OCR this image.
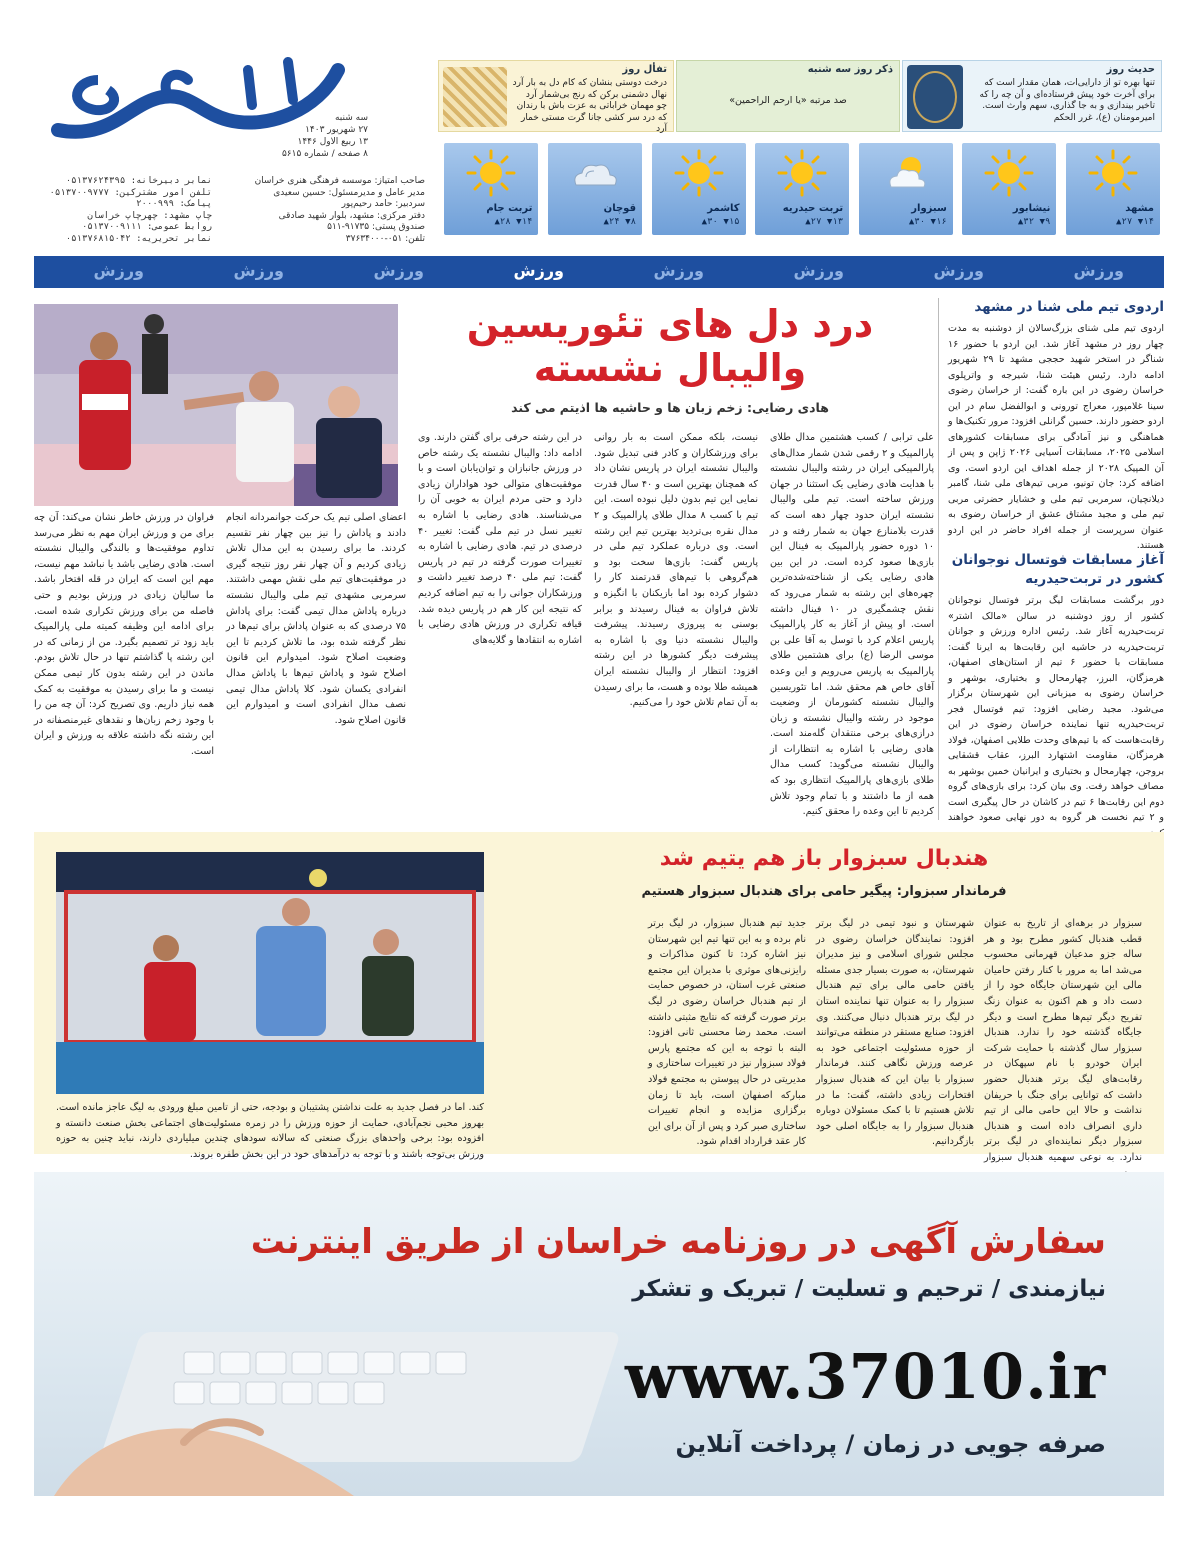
سه شنبه
۲۷ شهریور ۱۴۰۳
۱۳ ربیع الاول ۱۴۴۶
۸ صفحه / شماره ۵۶۱۵
صاحب امتیاز: موسسه فرهنگی هنری خراسان
مدیر عامل و مدیرمسئول: حسین سعیدی
سردبیر: حامد رحیم‌پور
دفتر مرکزی: مشهد، بلوار شهید صادقی
صندوق پستی: ۹۱۷۳۵-۵۱۱
تلفن: ۰۵۱-۳۷۶۳۴۰۰۰
نمابر دبیرخانه: ۰۵۱۳۷۶۲۴۳۹۵
تلفن امور مشترکین: ۰۵۱۳۷۰۰۹۷۷۷
پیامک: ۲۰۰۰۹۹۹
چاپ مشهد: چهرچاپ خراسان
روابط عمومی: ۰۵۱۳۷۰۰۹۱۱۱
نمابر تحریریه: ۰۵۱۳۷۶۸۱۵۰۴۲
حدیث روز
تنها بهره تو از دارایی‌ات، همان مقدار است که برای آخرت خود پیش فرستاده‌ای و آن چه را که تاخیر بیندازی و به جا گذاری، سهم وارث است. امیرمومنان (ع)، غرر الحکم
ذکر روز سه شنبه
صد مرتبه «یا ارحم الراحمین»
تفأل روز
درخت دوستی بنشان که کام دل به بار آرد
نهال دشمنی برکن که رنج بی‌شمار آرد
چو مهمان خراباتی به عزت باش با رندان
که درد سر کشی جانا گرت مستی خمار آرد
مشهد
۱۴▼ ۲۷▲
نیشابور
۹▼ ۳۲▲
سبزوار
۱۶▼ ۳۰▲
تربت حیدریه
۱۳▼ ۲۷▲
کاشمر
۱۵▼ ۳۰▲
قوچان
۸▼ ۲۴▲
تربت جام
۱۴▼ ۲۸▲
ورزش
ورزش
ورزش
ورزش
ورزش
ورزش
ورزش
ورزش
اردوی تیم ملی شنا در مشهد
اردوی تیم ملی شنای بزرگ‌سالان از دوشنبه به مدت چهار روز در مشهد آغاز شد. این اردو با حضور ۱۶ شناگر در استخر شهید حججی مشهد تا ۲۹ شهریور ادامه دارد. رئیس هیئت شنا، شیرجه و واترپلوی خراسان رضوی در این باره گفت: از خراسان رضوی سینا غلامپور، معراج تورونی و ابوالفضل سام در این اردو حضور دارند. حسین گرانلی افزود: مرور تکنیک‌ها و هماهنگی و نیز آمادگی برای مسابقات کشورهای اسلامی ۲۰۲۵، مسابقات آسیایی ۲۰۲۶ ژاپن و پس از آن المپیک ۲۰۲۸ از جمله اهداف این اردو است. وی اضافه کرد: جان تونیو، مربی تیم‌های ملی شنا، گامبر دیلانچیان، سرمربی تیم ملی و خشایار حضرتی مربی تیم ملی و مجید مشتاق عشق از خراسان رضوی به عنوان سرپرست از جمله افراد حاضر در این اردو هستند.
آغاز مسابقات فوتسال نوجوانان کشور در تربت‌حیدریه
دور برگشت مسابقات لیگ برتر فوتسال نوجوانان کشور از روز دوشنبه در سالن «مالک اشتر» تربت‌حیدریه آغاز شد. رئیس اداره ورزش و جوانان تربت‌حیدریه در حاشیه این رقابت‌ها به ایرنا گفت: مسابقات با حضور ۶ تیم از استان‌های اصفهان، هرمزگان، البرز، چهارمحال و بختیاری، بوشهر و خراسان رضوی به میزبانی این شهرستان برگزار می‌شود. مجید رضایی افزود: تیم فوتسال فجر تربت‌حیدریه تنها نماینده خراسان رضوی در این رقابت‌هاست که با تیم‌های وحدت طلایی اصفهان، فولاد هرمزگان، مقاومت اشتهارد البرز، عقاب قشقایی بروجن، چهارمحال و بختیاری و ایرانیان خمین بوشهر به مصاف خواهد رفت. وی بیان کرد: برای بازی‌های گروه دوم این رقابت‌ها ۶ تیم در کاشان در حال پیگیری است و ۲ تیم نخست هر گروه به دور نهایی صعود خواهند
درد دل های تئوریسین
والیبال نشسته
هادی رضایی: زخم زبان ها و حاشیه ها اذیتم می کند
علی ترابی / کسب هشتمین مدال طلای پارالمپیک و ۲ رقمی شدن شمار مدال‌های پارالمپیکی ایران در رشته والیبال نشسته با هدایت هادی رضایی یک استثنا در جهان ورزش ساخته است. تیم ملی والیبال نشسته ایران حدود چهار دهه است که قدرت بلامنازع جهان به شمار رفته و در ۱۰ دوره حضور پارالمپیک به فینال این بازی‌ها صعود کرده است. در این بین هادی رضایی یکی از شناخته‌شده‌ترین چهره‌های این رشته به شمار می‌رود که نقش چشمگیری در ۱۰ فینال داشته است. او پیش از آغاز به کار پارالمپیک پاریس اعلام کرد با توسل به آقا علی بن موسی الرضا (ع) برای هشتمین طلای پارالمپیک به پاریس می‌رویم و این وعده آقای خاص هم محقق شد. اما تئوریسین والیبال نشسته کشورمان از وضعیت موجود در رشته والیبال نشسته و زبان درازی‌های برخی منتقدان گله‌مند است. هادی رضایی با اشاره به انتظارات از والیبال نشسته می‌گوید: کسب مدال طلای بازی‌های پارالمپیک انتظاری بود که همه از ما داشتند و با تمام وجود تلاش کردیم تا این وعده را محقق کنیم.
نیست، بلکه ممکن است به بار روانی برای ورزشکاران و کادر فنی تبدیل شود. والیبال نشسته ایران در پاریس نشان داد که همچنان بهترین است و ۴۰ سال قدرت نمایی این تیم بدون دلیل نبوده است. این تیم با کسب ۸ مدال طلای پارالمپیک و ۲ مدال نقره بی‌تردید بهترین تیم این رشته است. وی درباره عملکرد تیم ملی در پاریس گفت: بازی‌ها سخت بود و هم‌گروهی با تیم‌های قدرتمند کار را دشوار کرده بود اما بازیکنان با انگیزه و تلاش فراوان به فینال رسیدند و برابر بوسنی به پیروزی رسیدند. پیشرفت والیبال نشسته دنیا وی با اشاره به پیشرفت دیگر کشورها در این رشته افزود: انتظار از والیبال نشسته ایران همیشه طلا بوده و هست، ما برای رسیدن به آن تمام تلاش خود را می‌کنیم.
در این رشته حرفی برای گفتن دارند. وی ادامه داد: والیبال نشسته یک رشته خاص در ورزش جانبازان و توان‌یابان است و با موفقیت‌های متوالی خود هواداران زیادی دارد و حتی مردم ایران به خوبی آن را می‌شناسند. هادی رضایی با اشاره به تغییر نسل در تیم ملی گفت: تغییر ۴۰ درصدی در تیم. هادی رضایی با اشاره به تغییرات صورت گرفته در تیم در پاریس گفت: تیم ملی ۴۰ درصد تغییر داشت و ورزشکاران جوانی را به تیم اضافه کردیم که نتیجه این کار هم در پاریس دیده شد. قیافه تکراری در ورزش هادی رضایی با اشاره به انتقادها و گلایه‌های
اعضای اصلی تیم یک حرکت جوانمردانه انجام دادند و پاداش را نیز بین چهار نفر تقسیم کردند. ما برای رسیدن به این مدال تلاش زیادی کردیم و آن چهار نفر روز نتیجه گیری در موفقیت‌های تیم ملی نقش مهمی داشتند. سرمربی مشهدی تیم ملی والیبال نشسته درباره پاداش مدال تیمی گفت: برای پاداش ۷۵ درصدی که به عنوان پاداش برای تیم‌ها در نظر گرفته شده بود، ما تلاش کردیم تا این وضعیت اصلاح شود. امیدوارم این قانون اصلاح شود و پاداش تیم‌ها با پاداش مدال انفرادی یکسان شود. کلا پاداش مدال تیمی نصف مدال انفرادی است و امیدوارم این قانون اصلاح شود.
فراوان در ورزش خاطر نشان می‌کند: آن چه برای من و ورزش ایران مهم به نظر می‌رسد تداوم موفقیت‌ها و بالندگی والیبال نشسته است. هادی رضایی باشد یا نباشد مهم نیست، مهم این است که ایران در قله افتخار باشد. ما سالیان زیادی در ورزش بودیم و حتی فاصله من برای ورزش تکراری شده است. برای ادامه این وظیفه کمیته ملی پارالمپیک باید زود تر تصمیم بگیرد. من از زمانی که در این رشته پا گذاشتم تنها در حال تلاش بودم. ماندن در این رشته بدون کار تیمی ممکن نیست و ما برای رسیدن به موفقیت به کمک همه نیاز داریم. وی تصریح کرد: آن چه من را با وجود زخم زبان‌ها و نقدهای غیرمنصفانه در این رشته نگه داشته علاقه به ورزش و ایران است.
هندبال سبزوار باز هم یتیم شد
فرماندار سبزوار: پیگیر حامی برای هندبال سبزوار هستیم
سبزوار در برهه‌ای از تاریخ به عنوان قطب هندبال کشور مطرح بود و هر ساله جزو مدعیان قهرمانی محسوب می‌شد اما به مرور با کنار رفتن حامیان مالی این شهرستان جایگاه خود را از دست داد و هم اکنون به عنوان زنگ تفریح دیگر تیم‌ها مطرح است و دیگر جایگاه گذشته خود را ندارد. هندبال سبزوار سال گذشته با حمایت شرکت ایران خودرو با نام سپهکان در رقابت‌های لیگ برتر هندبال حضور داشت که توانایی برای جنگ با حریفان نداشت و حالا این حامی مالی از تیم داری انصراف داده است و هندبال سبزوار دیگر نماینده‌ای در لیگ برتر ندارد. به نوعی سهمیه هندبال سبزوار
شهرستان و نبود تیمی در لیگ برتر افزود: نمایندگان خراسان رضوی در مجلس شورای اسلامی و نیز مدیران شهرستان، به صورت بسیار جدی مسئله یافتن حامی مالی برای تیم هندبال سبزوار را به عنوان تنها نماینده استان در لیگ برتر هندبال دنبال می‌کنند. وی افزود: صنایع مستقر در منطقه می‌توانند از حوزه مسئولیت اجتماعی خود به عرصه ورزش نگاهی کنند. فرماندار سبزوار با بیان این که هندبال سبزوار افتخارات زیادی داشته، گفت: ما در تلاش هستیم تا با کمک مسئولان دوباره هندبال سبزوار را به جایگاه اصلی خود بازگردانیم.
جدید تیم هندبال سبزوار، در لیگ برتر نام برده و به این تنها تیم این شهرستان نیز اشاره کرد: تا کنون مذاکرات و رایزنی‌های موثری با مدیران این مجتمع صنعتی غرب استان، در خصوص حمایت از تیم هندبال خراسان رضوی در لیگ برتر صورت گرفته که نتایج مثبتی داشته است. محمد رضا محسنی ثانی افزود: البته با توجه به این که مجتمع پارس فولاد سبزوار نیز در تغییرات ساختاری و مدیریتی در حال پیوستن به مجتمع فولاد مبارکه اصفهان است، باید تا زمان برگزاری مزایده و انجام تغییرات ساختاری صبر کرد و پس از آن برای این کار عقد قرارداد اقدام شود.
کند. اما در فصل جدید به علت نداشتن پشتیبان و بودجه، حتی از تامین مبلغ ورودی به لیگ عاجز مانده است. بهروز محبی نجم‌آبادی، حمایت از حوزه ورزش را در زمره مسئولیت‌های اجتماعی بخش صنعت دانسته و افزوده بود: برخی واحدهای بزرگ صنعتی که سالانه سودهای چندین میلیاردی دارند، نباید چنین به حوزه ورزش بی‌توجه باشند و با توجه به درآمدهای خود در این بخش طفره بروند.
سفارش آگهی در روزنامه خراسان از طریق اینترنت
نیازمندی / ترحیم و تسلیت / تبریک و تشکر
www.37010.ir
صرفه جویی در زمان / پرداخت آنلاین
